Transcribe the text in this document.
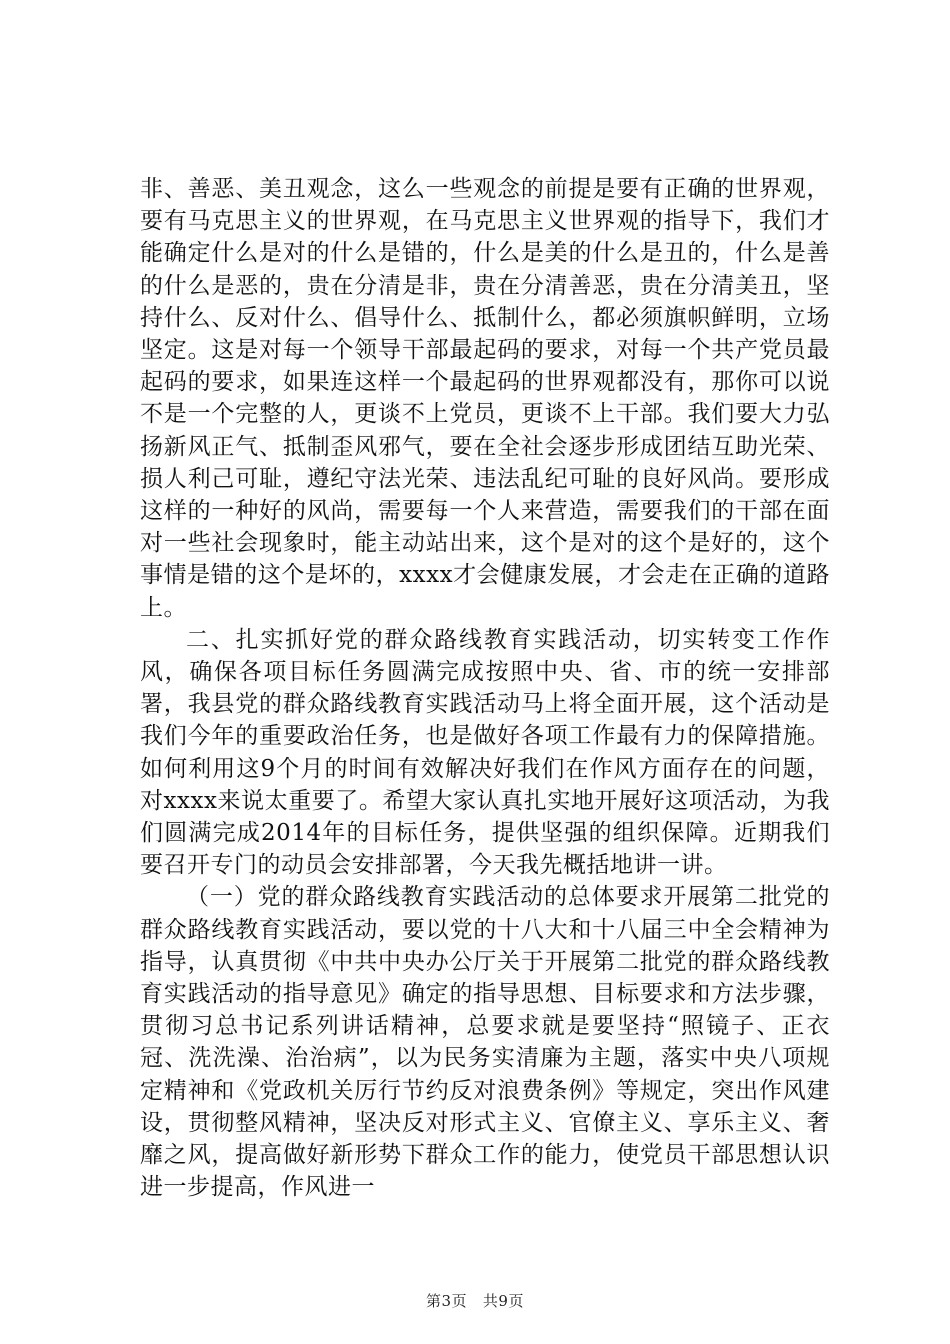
非、善恶、美丑观念，这么一些观念的前提是要有正确的世界观，要有马克思主义的世界观，在马克思主义世界观的指导下，我们才能确定什么是对的什么是错的，什么是美的什么是丑的，什么是善的什么是恶的，贵在分清是非，贵在分清善恶，贵在分清美丑，坚持什么、反对什么、倡导什么、抵制什么，都必须旗帜鲜明，立场坚定。这是对每一个领导干部最起码的要求，对每一个共产党员最起码的要求，如果连这样一个最起码的世界观都没有，那你可以说不是一个完整的人，更谈不上党员，更谈不上干部。我们要大力弘扬新风正气、抵制歪风邪气，要在全社会逐步形成团结互助光荣、损人利己可耻，遵纪守法光荣、违法乱纪可耻的良好风尚。要形成这样的一种好的风尚，需要每一个人来营造，需要我们的干部在面对一些社会现象时，能主动站出来，这个是对的这个是好的，这个事情是错的这个是坏的，xxxx才会健康发展，才会走在正确的道路上。

二、扎实抓好党的群众路线教育实践活动，切实转变工作作风，确保各项目标任务圆满完成按照中央、省、市的统一安排部署，我县党的群众路线教育实践活动马上将全面开展，这个活动是我们今年的重要政治任务，也是做好各项工作最有力的保障措施。如何利用这9个月的时间有效解决好我们在作风方面存在的问题，对xxxx来说太重要了。希望大家认真扎实地开展好这项活动，为我们圆满完成2014年的目标任务，提供坚强的组织保障。近期我们要召开专门的动员会安排部署，今天我先概括地讲一讲。

（一）党的群众路线教育实践活动的总体要求开展第二批党的群众路线教育实践活动，要以党的十八大和十八届三中全会精神为指导，认真贯彻《中共中央办公厅关于开展第二批党的群众路线教育实践活动的指导意见》确定的指导思想、目标要求和方法步骤，贯彻习总书记系列讲话精神，总要求就是要坚持“照镜子、正衣冠、洗洗澡、治治病”，以为民务实清廉为主题，落实中央八项规定精神和《党政机关厉行节约反对浪费条例》等规定，突出作风建设，贯彻整风精神，坚决反对形式主义、官僚主义、享乐主义、奢靡之风，提高做好新形势下群众工作的能力，使党员干部思想认识进一步提高，作风进一

第3页 共9页
